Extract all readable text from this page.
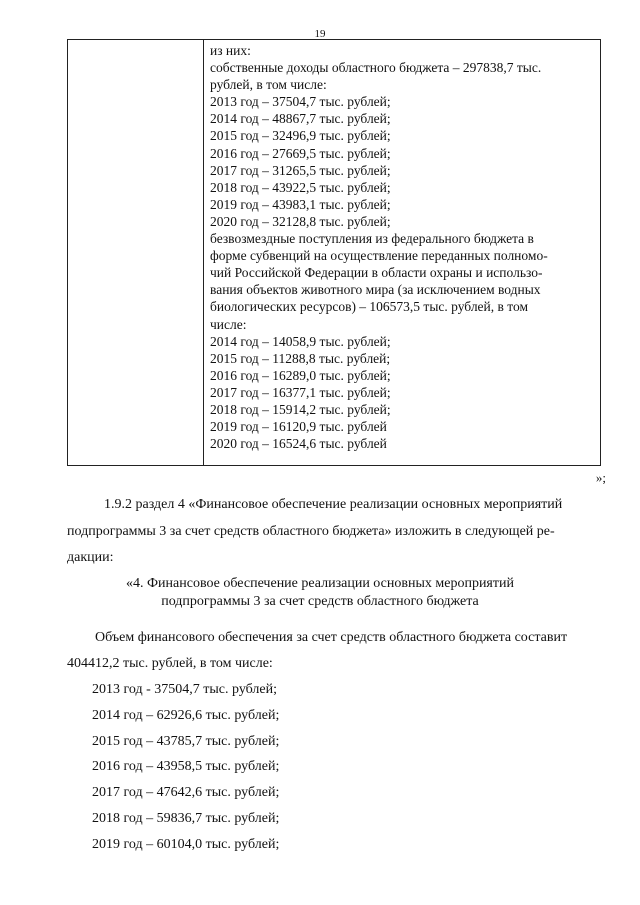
19
из них:
собственные доходы областного бюджета – 297838,7 тыс.
рублей, в том числе:
2013 год – 37504,7 тыс. рублей;
2014 год – 48867,7 тыс. рублей;
2015 год – 32496,9 тыс. рублей;
2016 год – 27669,5 тыс. рублей;
2017 год – 31265,5 тыс. рублей;
2018 год – 43922,5 тыс. рублей;
2019 год – 43983,1 тыс. рублей;
2020 год – 32128,8 тыс. рублей;
безвозмездные поступления из федерального бюджета в
форме субвенций на осуществление переданных полномо-
чий Российской Федерации в области охраны и использо-
вания объектов животного мира (за исключением водных
биологических ресурсов) – 106573,5 тыс. рублей, в том
числе:
2014 год – 14058,9 тыс. рублей;
2015 год – 11288,8 тыс. рублей;
2016 год – 16289,0 тыс. рублей;
2017 год – 16377,1 тыс. рублей;
2018 год – 15914,2 тыс. рублей;
2019 год – 16120,9 тыс. рублей
2020 год – 16524,6 тыс. рублей
»;
1.9.2 раздел 4 «Финансовое обеспечение реализации основных мероприятий
подпрограммы 3 за счет средств областного бюджета» изложить в следующей ре-
дакции:
«4. Финансовое обеспечение реализации основных мероприятий
подпрограммы 3 за счет средств областного бюджета
Объем финансового обеспечения за счет средств областного бюджета составит
404412,2 тыс. рублей, в том числе:
2013 год - 37504,7 тыс. рублей;
2014 год – 62926,6 тыс. рублей;
2015 год – 43785,7 тыс. рублей;
2016 год – 43958,5 тыс. рублей;
2017 год – 47642,6 тыс. рублей;
2018 год – 59836,7 тыс. рублей;
2019 год – 60104,0 тыс. рублей;
